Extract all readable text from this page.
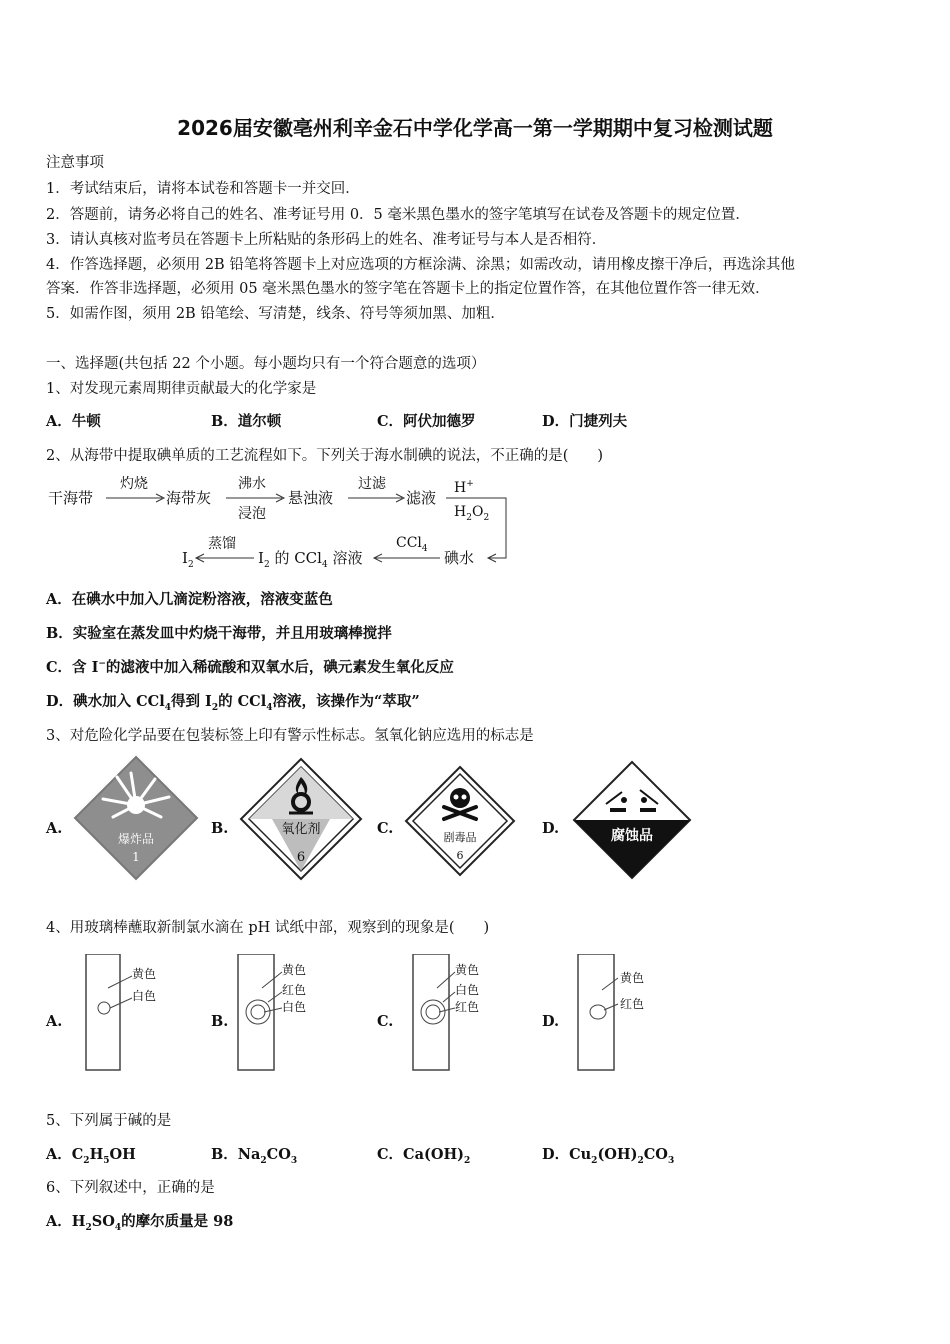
2026届安徽亳州利辛金石中学化学高一第一学期期中复习检测试题
注意事项
1．考试结束后，请将本试卷和答题卡一并交回．
2．答题前，请务必将自己的姓名、准考证号用 0．5 毫米黑色墨水的签字笔填写在试卷及答题卡的规定位置．
3．请认真核对监考员在答题卡上所粘贴的条形码上的姓名、准考证号与本人是否相符．
4．作答选择题，必须用 2B 铅笔将答题卡上对应选项的方框涂满、涂黑；如需改动，请用橡皮擦干净后，再选涂其他
答案．作答非选择题，必须用 05 毫米黑色墨水的签字笔在答题卡上的指定位置作答，在其他位置作答一律无效．
5．如需作图，须用 2B 铅笔绘、写清楚，线条、符号等须加黑、加粗．
一、选择题(共包括 22 个小题。每小题均只有一个符合题意的选项）
1、对发现元素周期律贡献最大的化学家是
A．牛顿	B．道尔顿	C．阿伏加德罗	D．门捷列夫
2、从海带中提取碘单质的工艺流程如下。下列关于海水制碘的说法，不正确的是(　　)
干海带
灼烧
海带灰
沸水
浸泡
悬浊液
过滤
滤液
H+
$H_2O_2$
碘水
CCl$_4$
$I_2$ 的 CCl$_4$ 溶液
蒸馏
$I_2$
A．在碘水中加入几滴淀粉溶液，溶液变蓝色
B．实验室在蒸发皿中灼烧干海带，并且用玻璃棒搅拌
C．含 I−的滤液中加入稀硫酸和双氧水后，碘元素发生氧化反应
D．碘水加入 CCl$_4$得到 $I_2$的 CCl$_4$溶液，该操作为“萃取”
3、对危险化学品要在包装标签上印有警示性标志。氢氧化钠应选用的标志是
A.
爆炸品
1
B.	氧化剂
6
C.
剧毒品
6
D.	腐蚀品
4、用玻璃棒蘸取新制氯水滴在 pH 试纸中部，观察到的现象是(　　)
A.
黄色
白色
B.
黄色
红色
白色
C.
黄色
白色
红色
D.
黄色
红色
5、下列属于碱的是
A．$C_2H_5OH$	B．$Na_2CO_3$	C．$Ca(OH)_2$	D．$Cu_2(OH)_2CO_3$
6、下列叙述中，正确的是
A．$H_2SO_4$的摩尔质量是 98
